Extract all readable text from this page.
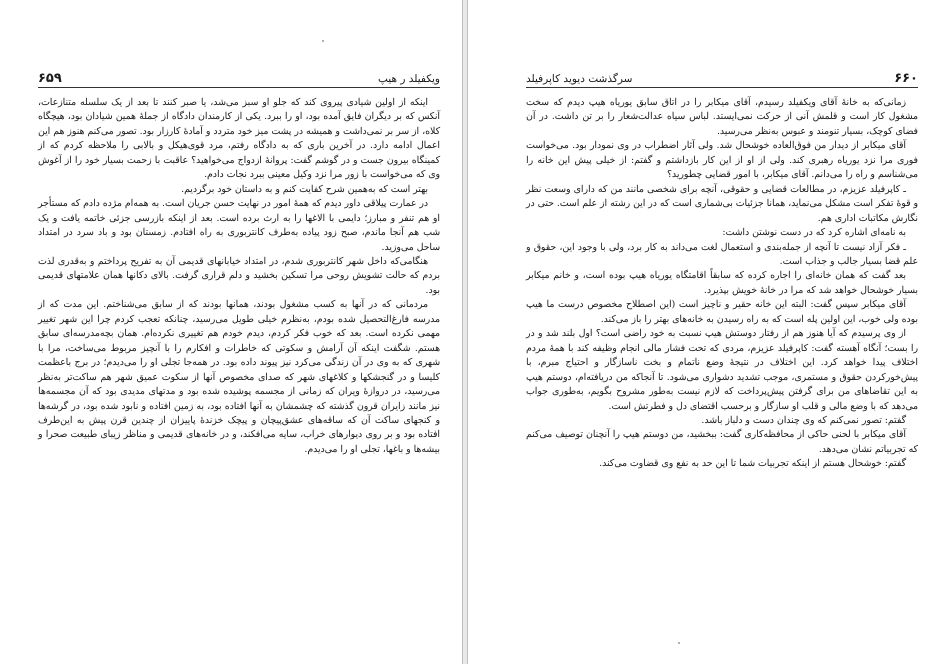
۶۵۹	ویکفیلد ر هیپ

اینکه از اولین شیادی پیروی کند که جلو او سبز می‌شد، یا صبر کنند تا بعد از یک سلسله متنازعات، آنکس که بر دیگران فایق آمده بود، او را ببرد. یکی از کارمندان دادگاه از جملهٔ همین شیادان بود، هیچگاه کلاه، از سر بر نمی‌داشت و همیشه در پشت میز خود متردد و آمادهٔ کارزار بود. تصور می‌کنم هنوز هم این اعمال ادامه دارد. در آخرین باری که به دادگاه رفتم، مرد قوی‌هیکل و بالابی را ملاحظه کردم که از کمینگاه بیرون جست و در گوشم گفت: پروانهٔ ازدواج می‌خواهید؟ عاقبت با زحمت بسیار خود را از آغوش وی که می‌خواست با زور مرا نزد وکیل معینی ببرد نجات دادم.

بهتر است که به‌همین شرح کفایت کنم و به داستان خود برگردیم.

در عمارت پیلاقی داور دیدم که همهٔ امور در نهایت حسن جریان است. به همه‌ام مژده دادم که مستأجر او هم تنفر و مبارز؛ دایمی با الاغها را به ارث برده است. بعد از اینکه بازرسی جزئی خاتمه یافت و یک شب هم آنجا ماندم، صبح زود پیاده به‌طرف کانتربوری به راه افتادم. زمستان بود و باد سرد در امتداد ساحل می‌وزید.

هنگامی‌که داخل شهر کانتربوری شدم، در امتداد خیابانهای قدیمی آن به تفریح پرداختم و به‌قدری لذت بردم که حالت تشویش روحی مرا تسکین بخشید و دلم قراری گرفت. بالای دکانها همان علامتهای قدیمی بود.

مردمانی که در آنها به کسب مشغول بودند، همانها بودند که از سابق می‌شناختم. این مدت که از مدرسه فارغ‌التحصیل شده بودم، به‌نظرم خیلی طویل می‌رسید، چنانکه تعجب کردم چرا این شهر تغییر مهمی نکرده است. بعد که خوب فکر کردم، دیدم خودم هم تغییری نکرده‌ام. همان بچه‌مدرسه‌ای سابق هستم. شگفت اینکه آن آرامش و سکوتی که خاطرات و افکارم را با آنچیز مربوط می‌ساخت، مرا با شهری که به وی در آن زندگی می‌کرد نیز پیوند داده بود. در همه‌جا تجلی او را می‌دیدم؛ در برج باعظمت کلیسا و در گنجشکها و کلاغهای شهر که صدای مخصوص آنها از سکوت عمیق شهر هم ساکت‌تر به‌نظر می‌رسید، در دروازهٔ ویران که زمانی از مجسمه پوشیده شده بود و مدتهای مدیدی بود که آن مجسمه‌ها نیز مانند زایران قرون گذشته که چشمشان به آنها افتاده بود، به زمین افتاده و نابود شده بود، در گرشه‌ها و کنجهای ساکت آن که ساقه‌های عشق‌پیچان و پیچک خزندهٔ پاییزان از چندین قرن پیش به این‌طرف افتاده بود و بر روی دیوارهای خراب، سایه می‌افکند، و در خانه‌های قدیمی و مناظر زیبای طبیعت صحرا و بیشه‌ها و باغها، تجلی او را می‌دیدم.

۶۶۰
سرگذشت دیوید کاپرفیلد

زمانی‌که به خانهٔ آقای ویکفیلد رسیدم، آقای میکابر را در اتاق سابق یوریاه هیپ دیدم که سخت مشغول کار است و قلمش آنی از حرکت نمی‌ایستد. لباس سیاه عدالت‌شعار را بر تن داشت. در آن فضای کوچک، بسیار تنومند و عبوس به‌نظر می‌رسید.

آقای میکابر از دیدار من فوق‌العاده خوشحال شد. ولی آثار اضطراب در وی نمودار بود. می‌خواست فوری مرا نزد یوریاه رهبری کند. ولی از او از این کار بازداشتم و گفتم: از خیلی پیش این خانه را می‌شناسم و راه را می‌دانم. آقای میکابر، با امور قضایی چطورید؟

ـ کاپرفیلد عزیزم، در مطالعات قضایی و حقوقی، آنچه برای شخصی مانند من که دارای وسعت نظر و قوهٔ تفکر است مشکل می‌نماید، همانا جزئیات بی‌شماری است که در این رشته از علم است. حتی در نگارش مکاتبات اداری هم.

به نامه‌ای اشاره کرد که در دست نوشتن داشت:

ـ فکر آزاد نیست تا آنچه از جمله‌بندی و استعمال لغت می‌داند به کار برد، ولی با وجود این، حقوق و علم قضا بسیار جالب و جذاب است.

بعد گفت که همان خانه‌ای را اجاره کرده که سابقاً اقامتگاه یوریاه هیپ بوده است، و خانم میکابر بسیار خوشحال خواهد شد که مرا در خانهٔ خویش بپذیرد.

آقای میکابر سپس گفت: البته این خانه حقیر و ناچیز است (این اصطلاح مخصوص درست ما هیپ بوده ولی خوب، این اولین پله است که به راه رسیدن به خانه‌های بهتر را باز می‌کند.

از وی پرسیدم که آیا هنوز هم از رفتار دوستش هیپ نسبت به خود راضی است؟ اول بلند شد و در را بست؛ آنگاه آهسته گفت: کاپرفیلد عزیزم، مردی که تحت فشار مالی انجام وظیفه کند با همهٔ مردم اختلاف پیدا خواهد کرد. این اختلاف در نتیجهٔ وضع ناتمام و بخت ناسازگار و احتیاج مبرم، با پیش‌خورکردن حقوق و مستمری، موجب تشدید دشواری می‌شود. تا آنجاکه من دریافته‌ام، دوستم هیپ به این تقاضاهای من برای گرفتن پیش‌پرداخت که لازم نیست به‌طور مشروح بگویم، به‌طوری جواب می‌دهد که با وضع مالی و قلب او سازگار و برحسب اقتضای دل و فطرتش است.

گفتم: تصور نمی‌کنم که وی چندان دست و دلباز باشد.

آقای میکابر با لحنی حاکی از محافظه‌کاری گفت: ببخشید، من دوستم هیپ را آنچنان توصیف می‌کنم که تجربیاتم نشان می‌دهد.

گفتم: خوشحال هستم از اینکه تجربیات شما تا این حد به نفع وی قضاوت می‌کند.
